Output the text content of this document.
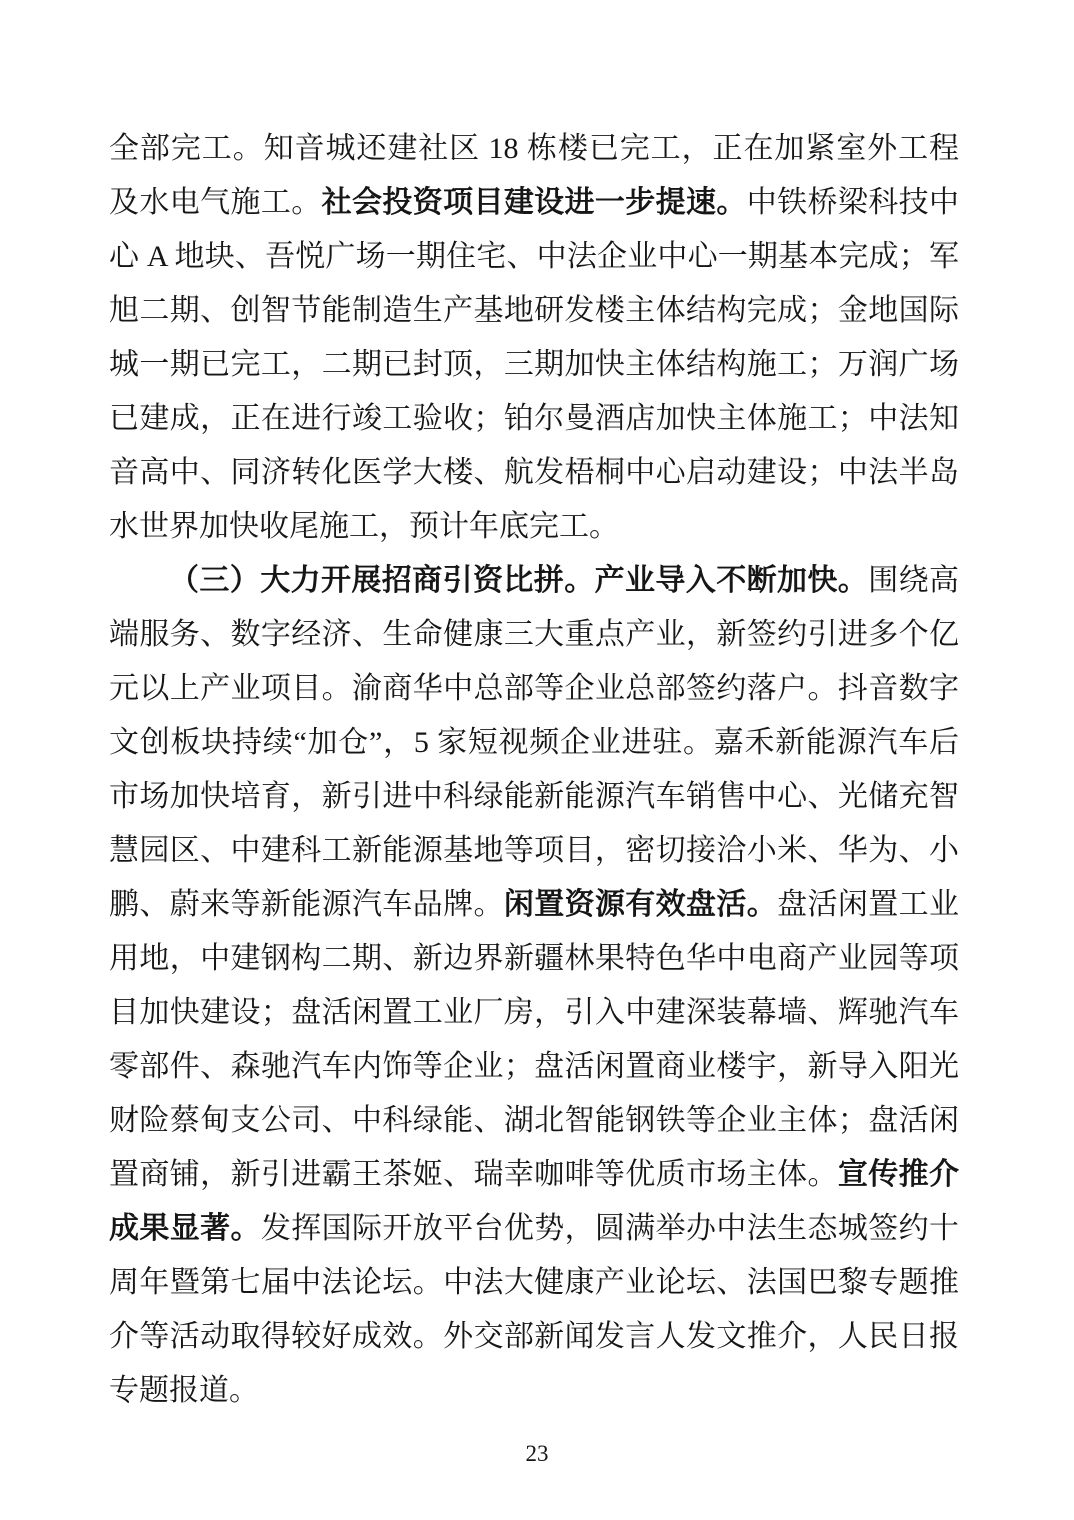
全部完工。知音城还建社区 18 栋楼已完工，正在加紧室外工程及水电气施工。社会投资项目建设进一步提速。中铁桥梁科技中心 A 地块、吾悦广场一期住宅、中法企业中心一期基本完成；军旭二期、创智节能制造生产基地研发楼主体结构完成；金地国际城一期已完工，二期已封顶，三期加快主体结构施工；万润广场已建成，正在进行竣工验收；铂尔曼酒店加快主体施工；中法知音高中、同济转化医学大楼、航发梧桐中心启动建设；中法半岛水世界加快收尾施工，预计年底完工。

（三）大力开展招商引资比拼。产业导入不断加快。围绕高端服务、数字经济、生命健康三大重点产业，新签约引进多个亿元以上产业项目。渝商华中总部等企业总部签约落户。抖音数字文创板块持续“加仓”，5 家短视频企业进驻。嘉禾新能源汽车后市场加快培育，新引进中科绿能新能源汽车销售中心、光储充智慧园区、中建科工新能源基地等项目，密切接洽小米、华为、小鹏、蔚来等新能源汽车品牌。闲置资源有效盘活。盘活闲置工业用地，中建钢构二期、新边界新疆林果特色华中电商产业园等项目加快建设；盘活闲置工业厂房，引入中建深装幕墙、辉驰汽车零部件、森驰汽车内饰等企业；盘活闲置商业楼宇，新导入阳光财险蔡甸支公司、中科绿能、湖北智能钢铁等企业主体；盘活闲置商铺，新引进霸王茶姬、瑞幸咖啡等优质市场主体。宣传推介成果显著。发挥国际开放平台优势，圆满举办中法生态城签约十周年暨第七届中法论坛。中法大健康产业论坛、法国巴黎专题推介等活动取得较好成效。外交部新闻发言人发文推介，人民日报专题报道。

23
